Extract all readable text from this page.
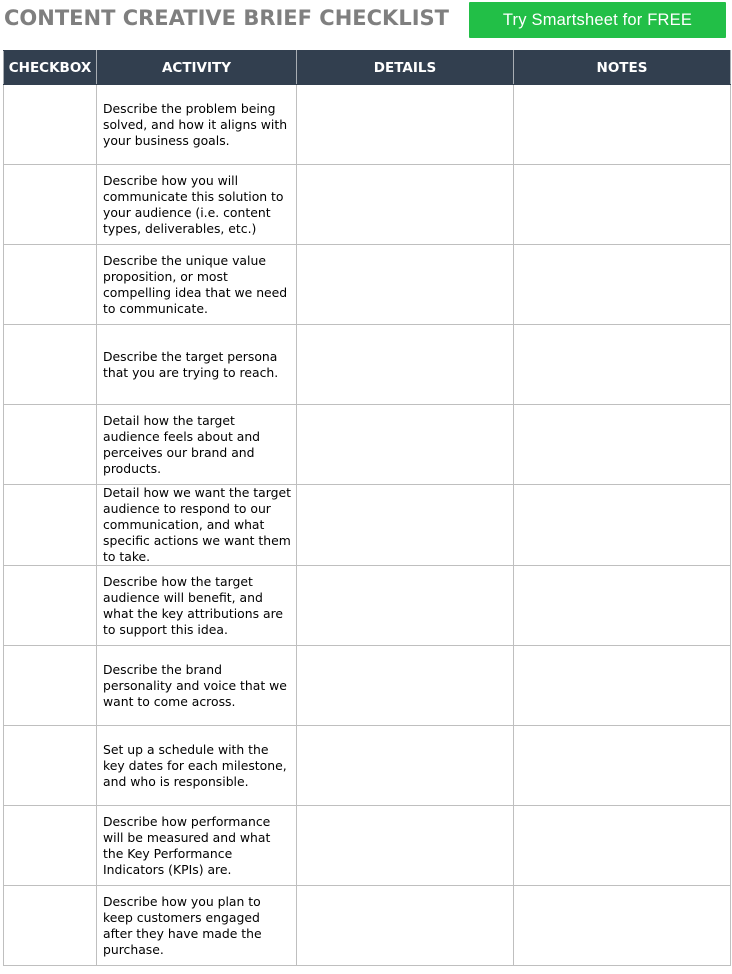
CONTENT CREATIVE BRIEF CHECKLIST	Try Smartsheet for FREE
CHECKBOX	ACTIVITY	DETAILS	NOTES
	Describe the problem being solved, and how it aligns with your business goals.		
	Describe how you will communicate this solution to your audience (i.e. content types, deliverables, etc.)		
	Describe the unique value proposition, or most compelling idea that we need to communicate.		
	Describe the target persona that you are trying to reach.		
	Detail how the target audience feels about and perceives our brand and products.		
	Detail how we want the target audience to respond to our communication, and what specific actions we want them to take.		
	Describe how the target audience will benefit, and what the key attributions are to support this idea.		
	Describe the brand personality and voice that we want to come across.		
	Set up a schedule with the key dates for each milestone, and who is responsible.		
	Describe how performance will be measured and what the Key Performance Indicators (KPIs) are.		
	Describe how you plan to keep customers engaged after they have made the purchase.		
